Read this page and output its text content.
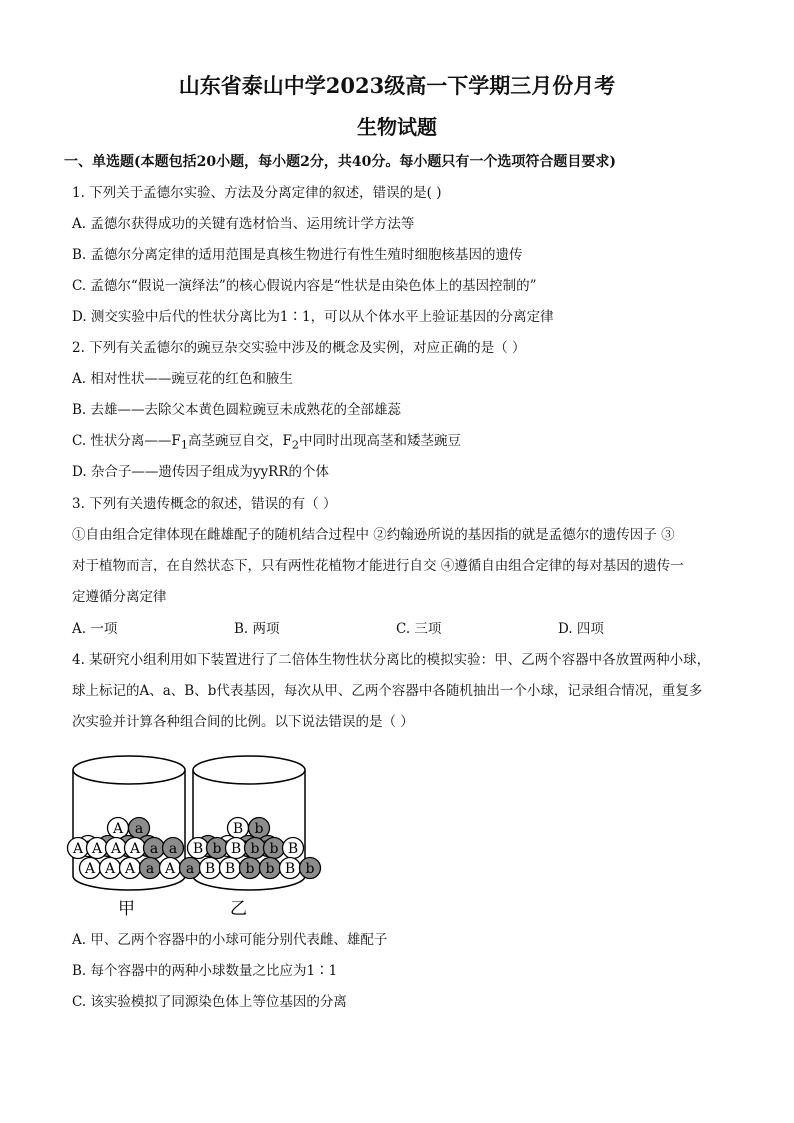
山东省泰山中学2023级高一下学期三月份月考
生物试题
一、单选题(本题包括20小题，每小题2分，共40分。每小题只有一个选项符合题目要求)
1. 下列关于孟德尔实验、方法及分离定律的叙述，错误的是( )
A. 孟德尔获得成功的关键有选材恰当、运用统计学方法等
B. 孟德尔分离定律的适用范围是真核生物进行有性生殖时细胞核基因的遗传
C. 孟德尔“假说一演绎法”的核心假说内容是“性状是由染色体上的基因控制的”
D. 测交实验中后代的性状分离比为1∶1，可以从个体水平上验证基因的分离定律
2. 下列有关孟德尔的豌豆杂交实验中涉及的概念及实例，对应正确的是（ ）
A. 相对性状——豌豆花的红色和腋生
B. 去雄——去除父本黄色圆粒豌豆未成熟花的全部雄蕊
C. 性状分离$——F_1$高茎豌豆自交，$F_2$中同时出现高茎和矮茎豌豆
D. 杂合子——遗传因子组成为yyRR的个体
3. 下列有关遗传概念的叙述，错误的有（ ）
①自由组合定律体现在雌雄配子的随机结合过程中 ②约翰逊所说的基因指的就是孟德尔的遗传因子 ③
对于植物而言，在自然状态下，只有两性花植物才能进行自交 ④遵循自由组合定律的每对基因的遗传一
定遵循分离定律
A. 一项	B. 两项	C. 三项	D. 四项
4. 某研究小组利用如下装置进行了二倍体生物性状分离比的模拟实验：甲、乙两个容器中各放置两种小球，
球上标记的A、a、B、b代表基因，每次从甲、乙两个容器中各随机抽出一个小球，记录组合情况，重复多
次实验并计算各种组合间的比例。以下说法错误的是（ ）
A a
A A A A a a
A A A a A a
B b
B b B b b B
B B b b B b
甲	乙
A. 甲、乙两个容器中的小球可能分别代表雌、雄配子
B. 每个容器中的两种小球数量之比应为1∶1
C. 该实验模拟了同源染色体上等位基因的分离
